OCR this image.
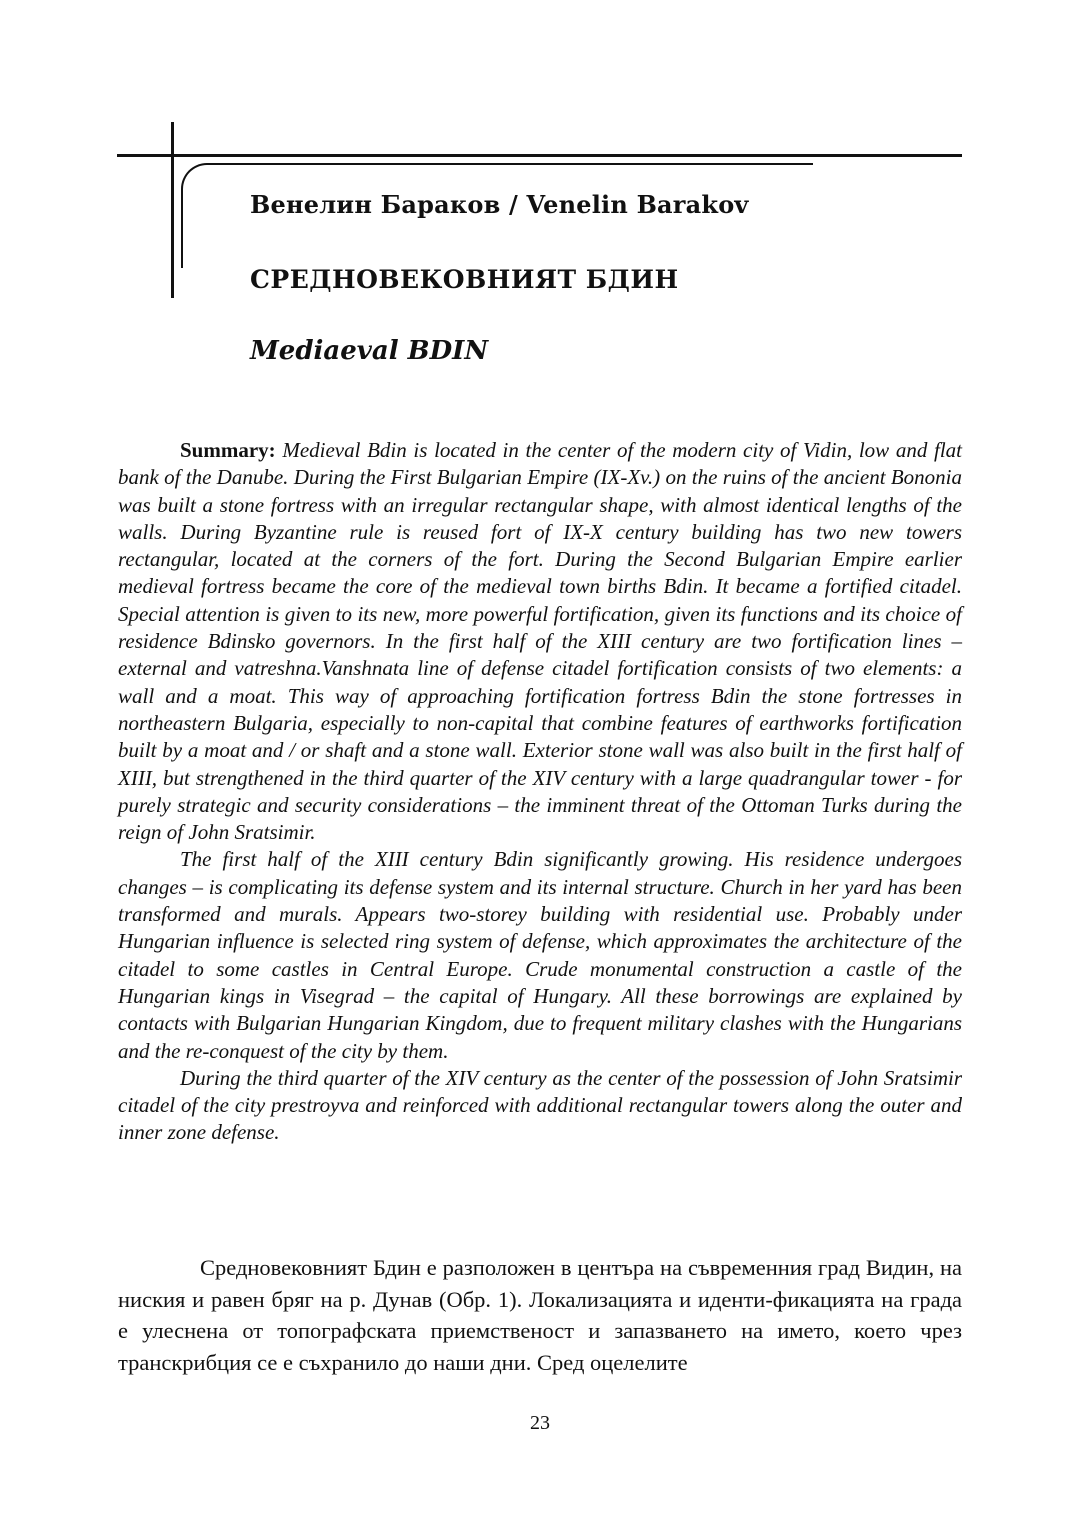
Венелин Бараков / Venelin Barakov
СРЕДНОВЕКОВНИЯТ БДИН
Mediaeval BDIN

Summary: Medieval Bdin is located in the center of the modern city of Vidin, low and flat bank of the Danube. During the First Bulgarian Empire (IX-Xv.) on the ruins of the ancient Bononia was built a stone fortress with an irregular rectangular shape, with almost identical lengths of the walls. During Byzantine rule is reused fort of IX-X century building has two new towers rectangular, located at the corners of the fort. During the Second Bulgarian Empire earlier medieval fortress became the core of the medieval town births Bdin. It became a fortified citadel. Special attention is given to its new, more powerful fortification, given its functions and its choice of residence Bdinsko governors. In the first half of the XIII century are two fortification lines – external and vatreshna.Vanshnata line of defense citadel fortification consists of two elements: a wall and a moat. This way of approaching fortification fortress Bdin the stone fortresses in northeastern Bulgaria, especially to non-capital that combine features of earthworks fortification built by a moat and / or shaft and a stone wall. Exterior stone wall was also built in the first half of XIII, but strengthened in the third quarter of the XIV century with a large quadrangular tower - for purely strategic and security considerations – the imminent threat of the Ottoman Turks during the reign of John Sratsimir.

The first half of the XIII century Bdin significantly growing. His residence undergoes changes – is complicating its defense system and its internal structure. Church in her yard has been transformed and murals. Appears two-storey building with residential use. Probably under Hungarian influence is selected ring system of defense, which approximates the architecture of the citadel to some castles in Central Europe. Crude monumental construction a castle of the Hungarian kings in Visegrad – the capital of Hungary. All these borrowings are explained by contacts with Bulgarian Hungarian Kingdom, due to frequent military clashes with the Hungarians and the re-conquest of the city by them.

During the third quarter of the XIV century as the center of the possession of John Sratsimir citadel of the city prestroyva and reinforced with additional rectangular towers along the outer and inner zone defense.

Средновековният Бдин е разположен в центъра на съвременния град Видин, на ниския и равен бряг на р. Дунав (Обр. 1). Локализацията и иденти-фикацията на града е улеснена от топографската приемственост и запазването на името, което чрез транскрибция се е съхранило до наши дни. Сред оцелелите

23
